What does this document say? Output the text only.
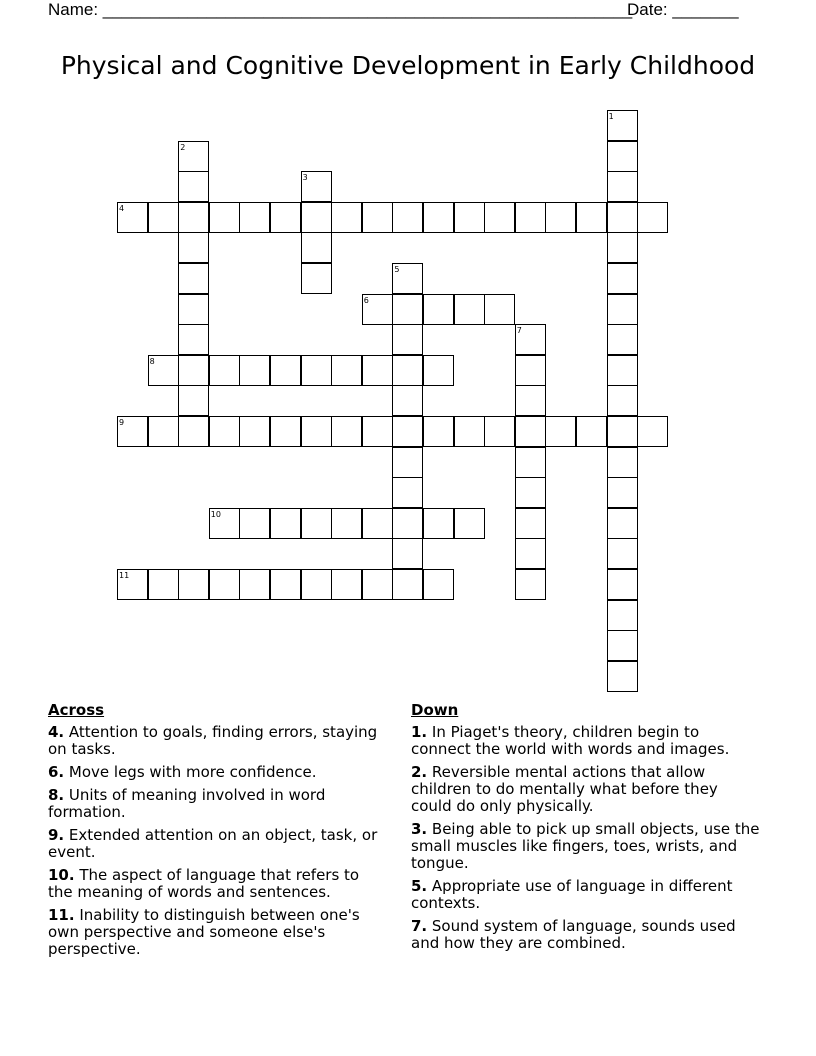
Name: ________________________________________________________
Date: _______
Physical and Cognitive Development in Early Childhood
1
2
3
4
5
6
7
8
9
10
11
Across
4. Attention to goals, finding errors, staying on tasks.
6. Move legs with more confidence.
8. Units of meaning involved in word formation.
9. Extended attention on an object, task, or event.
10. The aspect of language that refers to the meaning of words and sentences.
11. Inability to distinguish between one's own perspective and someone else's perspective.
Down
1. In Piaget's theory, children begin to connect the world with words and images.
2. Reversible mental actions that allow children to do mentally what before they could do only physically.
3. Being able to pick up small objects, use the small muscles like fingers, toes, wrists, and tongue.
5. Appropriate use of language in different contexts.
7. Sound system of language, sounds used and how they are combined.
